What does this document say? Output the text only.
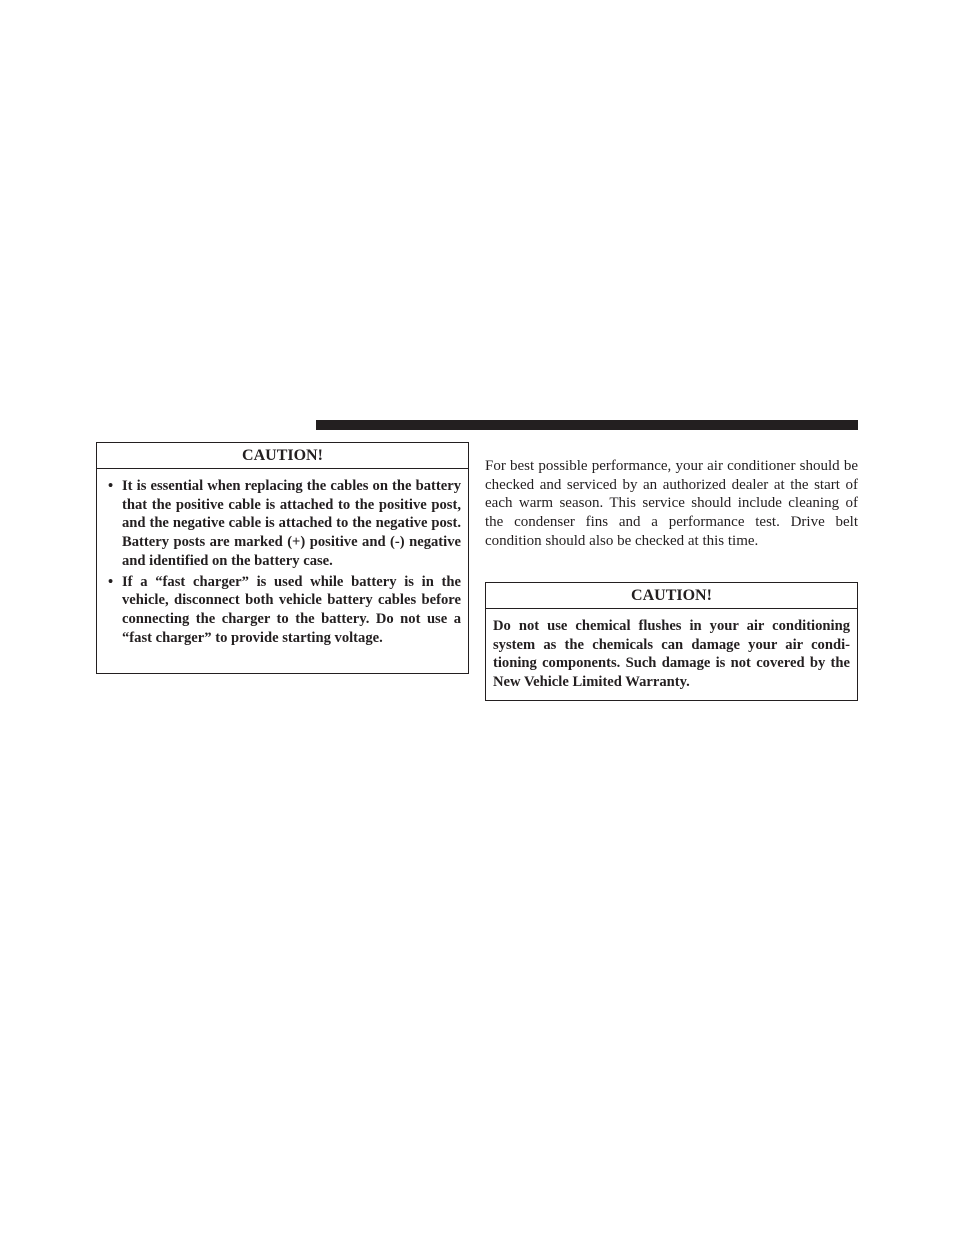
CAUTION!
• It is essential when replacing the cables on the battery that the positive cable is attached to the positive post, and the negative cable is attached to the negative post. Battery posts are marked (+) positive and (-) negative and identified on the battery case.
• If a “fast charger” is used while battery is in the vehicle, disconnect both vehicle battery cables before connecting the charger to the battery. Do not use a “fast charger” to provide starting voltage.

For best possible performance, your air conditioner should be checked and serviced by an authorized dealer at the start of each warm season. This service should include cleaning of the condenser fins and a performance test. Drive belt condition should also be checked at this time.

CAUTION!
Do not use chemical flushes in your air conditioning system as the chemicals can damage your air condi-tioning components. Such damage is not covered by the New Vehicle Limited Warranty.
